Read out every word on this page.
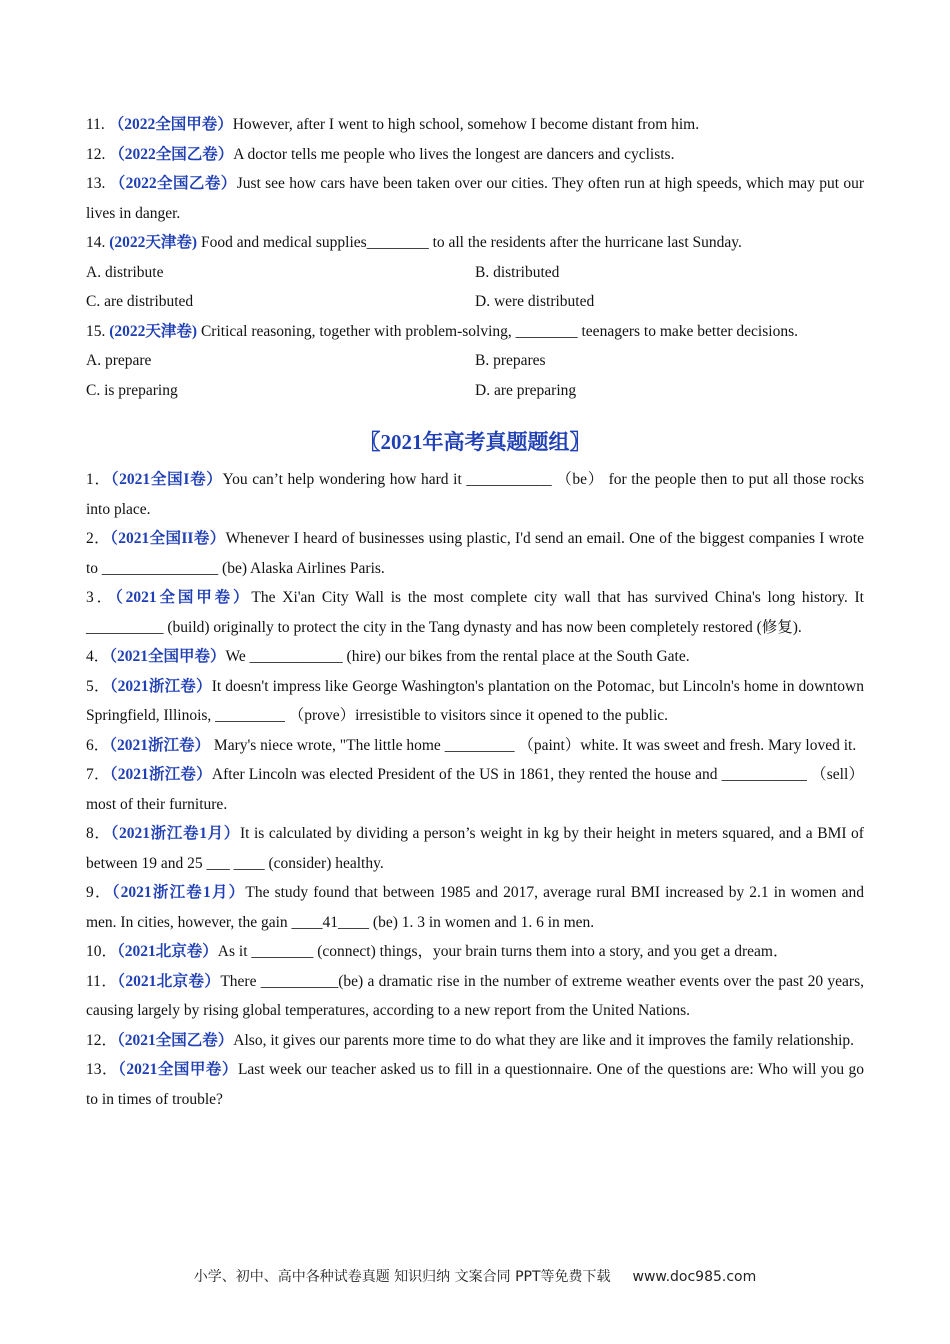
11. （2022全国甲卷）However, after I went to high school, somehow I become distant from him.
12. （2022全国乙卷）A doctor tells me people who lives the longest are dancers and cyclists.
13. （2022全国乙卷）Just see how cars have been taken over our cities. They often run at high speeds, which may put our lives in danger.
14. (2022天津卷) Food and medical supplies________ to all the residents after the hurricane last Sunday.
A. distribute	B. distributed
C. are distributed	D. were distributed
15. (2022天津卷) Critical reasoning, together with problem-solving, ________ teenagers to make better decisions.
A. prepare	B. prepares
C. is preparing	D. are preparing
〖2021年高考真题题组〗
1．（2021全国I卷）You can’t help wondering how hard it ___________ （be） for the people then to put all those rocks into place.
2．（2021全国II卷）Whenever I heard of businesses using plastic, I'd send an email. One of the biggest companies I wrote to _______________ (be) Alaska Airlines Paris.
3．（2021全国甲卷）The Xi'an City Wall is the most complete city wall that has survived China's long history. It __________ (build) originally to protect the city in the Tang dynasty and has now been completely restored (修复).
4．（2021全国甲卷）We ____________ (hire) our bikes from the rental place at the South Gate.
5．（2021浙江卷）It doesn't impress like George Washington's plantation on the Potomac, but Lincoln's home in downtown Springfield, Illinois, _________ （prove）irresistible to visitors since it opened to the public.
6．（2021浙江卷） Mary's niece wrote, "The little home _________ （paint）white. It was sweet and fresh. Mary loved it.
7．（2021浙江卷）After Lincoln was elected President of the US in 1861, they rented the house and ___________ （sell）most of their furniture.
8．（2021浙江卷1月）It is calculated by dividing a person’s weight in kg by their height in meters squared, and a BMI of between 19 and 25 ___ ____ (consider) healthy.
9．（2021浙江卷1月）The study found that between 1985 and 2017, average rural BMI increased by 2.1 in women and men. In cities, however, the gain ____41____ (be) 1. 3 in women and 1. 6 in men.
10．（2021北京卷）As it ________ (connect) things，your brain turns them into a story, and you get a dream．
11．（2021北京卷）There __________(be) a dramatic rise in the number of extreme weather events over the past 20 years, causing largely by rising global temperatures, according to a new report from the United Nations.
12．（2021全国乙卷）Also, it gives our parents more time to do what they are like and it improves the family relationship.
13．（2021全国甲卷）Last week our teacher asked us to fill in a questionnaire. One of the questions are: Who will you go to in times of trouble?
小学、初中、高中各种试卷真题 知识归纳 文案合同 PPT等免费下载 www.doc985.com
